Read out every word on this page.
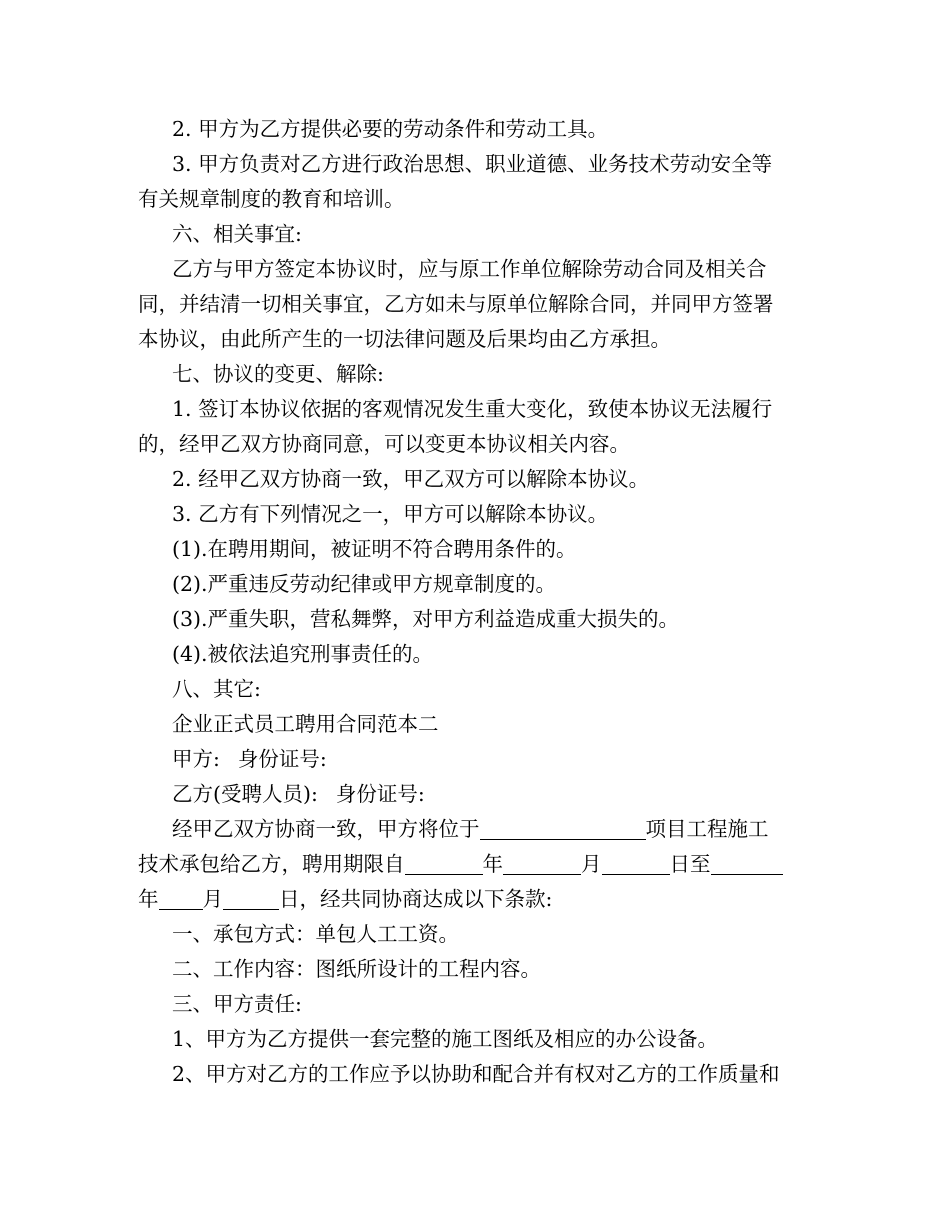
2. 甲方为乙方提供必要的劳动条件和劳动工具。
3. 甲方负责对乙方进行政治思想、职业道德、业务技术劳动安全等
有关规章制度的教育和培训。
六、相关事宜:
乙方与甲方签定本协议时，应与原工作单位解除劳动合同及相关合
同，并结清一切相关事宜，乙方如未与原单位解除合同，并同甲方签署
本协议，由此所产生的一切法律问题及后果均由乙方承担。
七、协议的变更、解除:
1. 签订本协议依据的客观情况发生重大变化，致使本协议无法履行
的，经甲乙双方协商同意，可以变更本协议相关内容。
2. 经甲乙双方协商一致，甲乙双方可以解除本协议。
3. 乙方有下列情况之一，甲方可以解除本协议。
(1).在聘用期间，被证明不符合聘用条件的。
(2).严重违反劳动纪律或甲方规章制度的。
(3).严重失职，营私舞弊，对甲方利益造成重大损失的。
(4).被依法追究刑事责任的。
八、其它:
企业正式员工聘用合同范本二
甲方: 身份证号:
乙方(受聘人员): 身份证号:
经甲乙双方协商一致，甲方将位于	项目工程施工
技术承包给乙方，聘用期限自	年	月	日至
年 月	日，经共同协商达成以下条款:
一、承包方式：单包人工工资。
二、工作内容：图纸所设计的工程内容。
三、甲方责任:
1、甲方为乙方提供一套完整的施工图纸及相应的办公设备。
2、甲方对乙方的工作应予以协助和配合并有权对乙方的工作质量和
